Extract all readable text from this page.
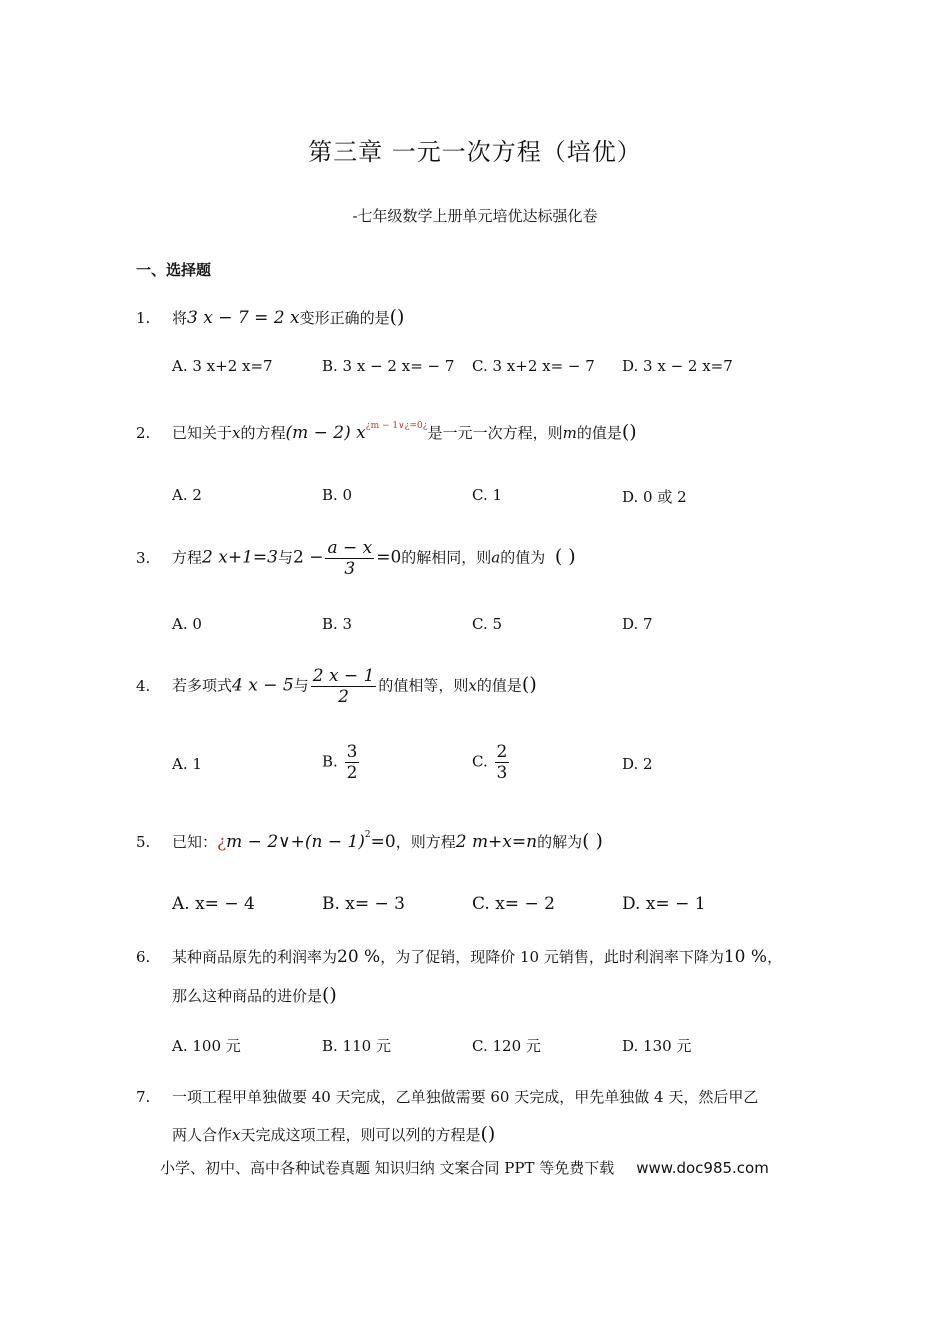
第三章 一元一次方程（培优）
-七年级数学上册单元培优达标强化卷
一、选择题
1. 将3 x − 7 = 2 x变形正确的是()
A. 3 x+2 x=7	B. 3 x − 2 x= − 7 C. 3 x+2 x= − 7 D. 3 x − 2 x=7
2. 已知关于x的方程(m − 2) $x^{¿m - 1\vee¿=0¿}$是一元一次方程，则m的值是()
A. 2	B. 0	C. 1	D. 0 或 2
3. 方程2 x+1=3与$2 - \frac{a - x}{3} =0$的解相同，则a的值为 ( )
A. 0	B. 3	C. 5	D. 7
4. 若多项式4 x − 5与 $\frac{2 x - 1}{2}$ 的值相等，则x的值是()
A. 1	B. $\frac{3}{2}$	C. $\frac{2}{3}$	D. 2
5. 已知：¿m − 2∨+(n − 1)$^2$=0，则方程2 m+x=n的解为( )
A. x= − 4	B. x= − 3	C. x= − 2	D. x= − 1
6. 某种商品原先的利润率为20 %，为了促销，现降价 10 元销售，此时利润率下降为10 %，
那么这种商品的进价是()
A. 100 元	B. 110 元	C. 120 元	D. 130 元
7. 一项工程甲单独做要 40 天完成，乙单独做需要 60 天完成，甲先单独做 4 天，然后甲乙
两人合作x天完成这项工程，则可以列的方程是()
小学、初中、高中各种试卷真题 知识归纳 文案合同 PPT 等免费下载 www.doc985.com
